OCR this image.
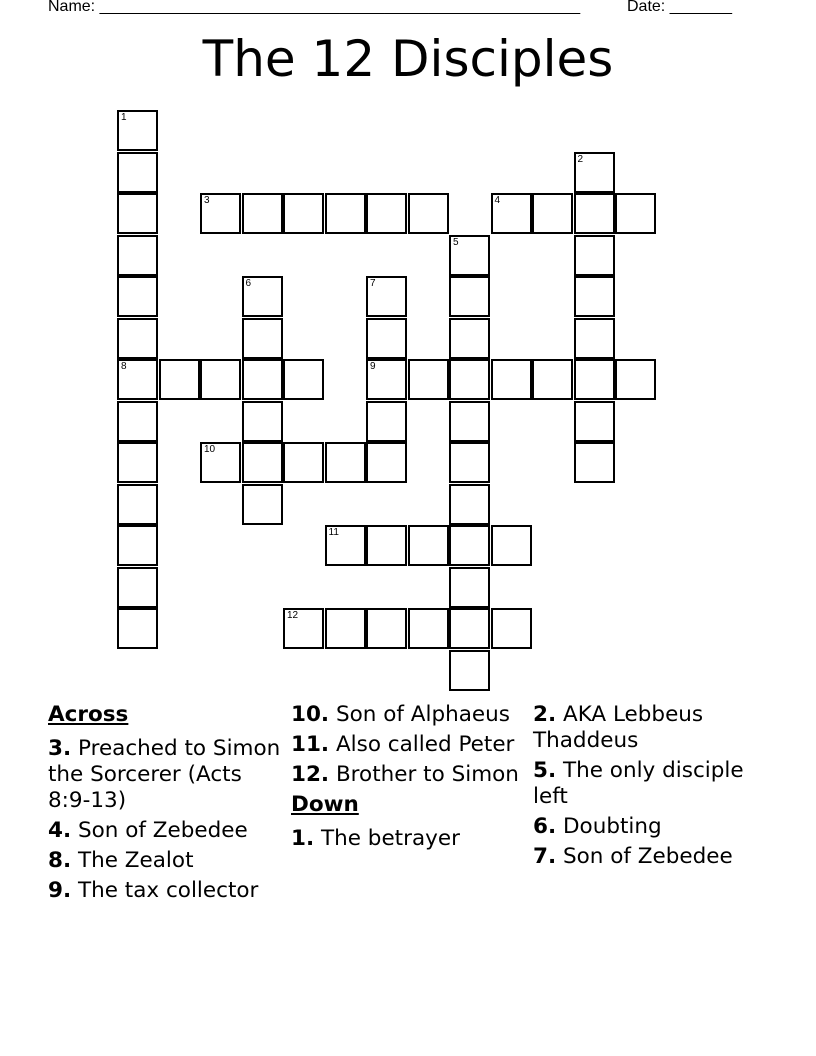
Name: ______________________________________________________	Date: _______
The 12 Disciples
1
8
2
3	4
5
6	7
9
10
11
12
Across
3. Preached to Simon the Sorcerer (Acts 8:9-13)
4. Son of Zebedee
8. The Zealot
9. The tax collector
10. Son of Alphaeus
11. Also called Peter
12. Brother to Simon
Down
1. The betrayer
2. AKA Lebbeus Thaddeus
5. The only disciple left
6. Doubting
7. Son of Zebedee
